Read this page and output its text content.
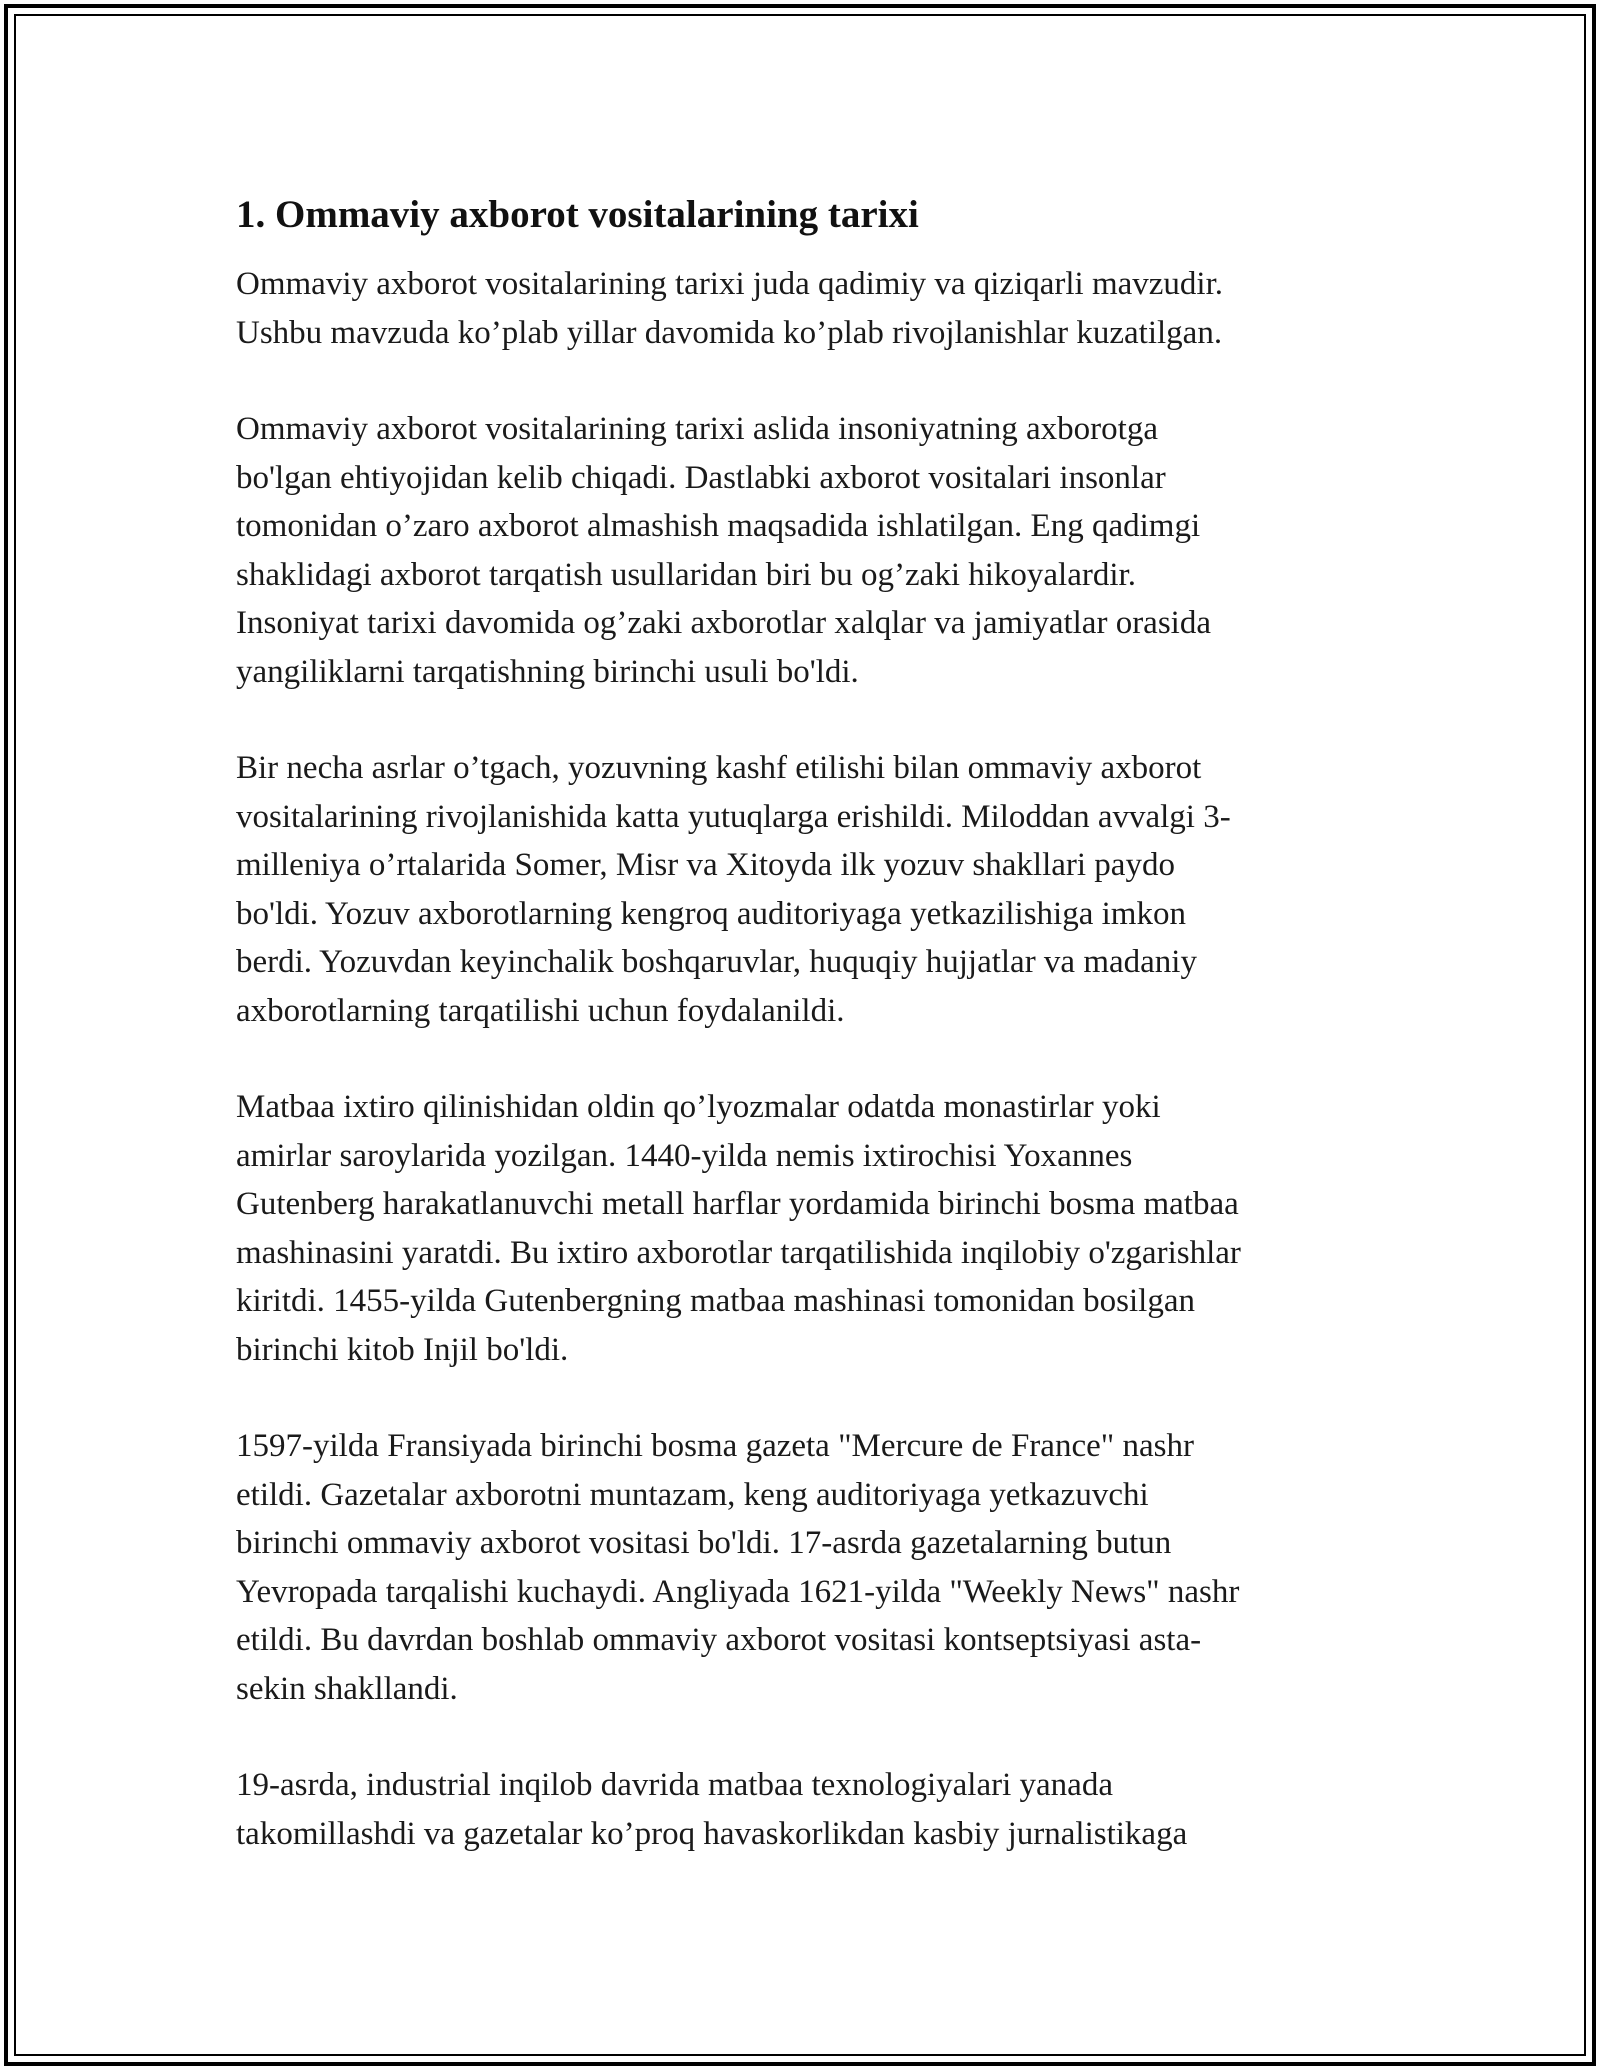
1. Ommaviy axborot vositalarining tarixi
Ommaviy axborot vositalarining tarixi juda qadimiy va qiziqarli mavzudir.
Ushbu mavzuda ko’plab yillar davomida ko’plab rivojlanishlar kuzatilgan.
Ommaviy axborot vositalarining tarixi aslida insoniyatning axborotga
bo'lgan ehtiyojidan kelib chiqadi. Dastlabki axborot vositalari insonlar
tomonidan o’zaro axborot almashish maqsadida ishlatilgan. Eng qadimgi
shaklidagi axborot tarqatish usullaridan biri bu og’zaki hikoyalardir.
Insoniyat tarixi davomida og’zaki axborotlar xalqlar va jamiyatlar orasida
yangiliklarni tarqatishning birinchi usuli bo'ldi.
Bir necha asrlar o’tgach, yozuvning kashf etilishi bilan ommaviy axborot
vositalarining rivojlanishida katta yutuqlarga erishildi. Miloddan avvalgi 3-
milleniya o’rtalarida Somer, Misr va Xitoyda ilk yozuv shakllari paydo
bo'ldi. Yozuv axborotlarning kengroq auditoriyaga yetkazilishiga imkon
berdi. Yozuvdan keyinchalik boshqaruvlar, huquqiy hujjatlar va madaniy
axborotlarning tarqatilishi uchun foydalanildi.
Matbaa ixtiro qilinishidan oldin qo’lyozmalar odatda monastirlar yoki
amirlar saroylarida yozilgan. 1440-yilda nemis ixtirochisi Yoxannes
Gutenberg harakatlanuvchi metall harflar yordamida birinchi bosma matbaa
mashinasini yaratdi. Bu ixtiro axborotlar tarqatilishida inqilobiy o'zgarishlar
kiritdi. 1455-yilda Gutenbergning matbaa mashinasi tomonidan bosilgan
birinchi kitob Injil bo'ldi.
1597-yilda Fransiyada birinchi bosma gazeta "Mercure de France" nashr
etildi. Gazetalar axborotni muntazam, keng auditoriyaga yetkazuvchi
birinchi ommaviy axborot vositasi bo'ldi. 17-asrda gazetalarning butun
Yevropada tarqalishi kuchaydi. Angliyada 1621-yilda "Weekly News" nashr
etildi. Bu davrdan boshlab ommaviy axborot vositasi kontseptsiyasi asta-
sekin shakllandi.
19-asrda, industrial inqilob davrida matbaa texnologiyalari yanada
takomillashdi va gazetalar ko’proq havaskorlikdan kasbiy jurnalistikaga
